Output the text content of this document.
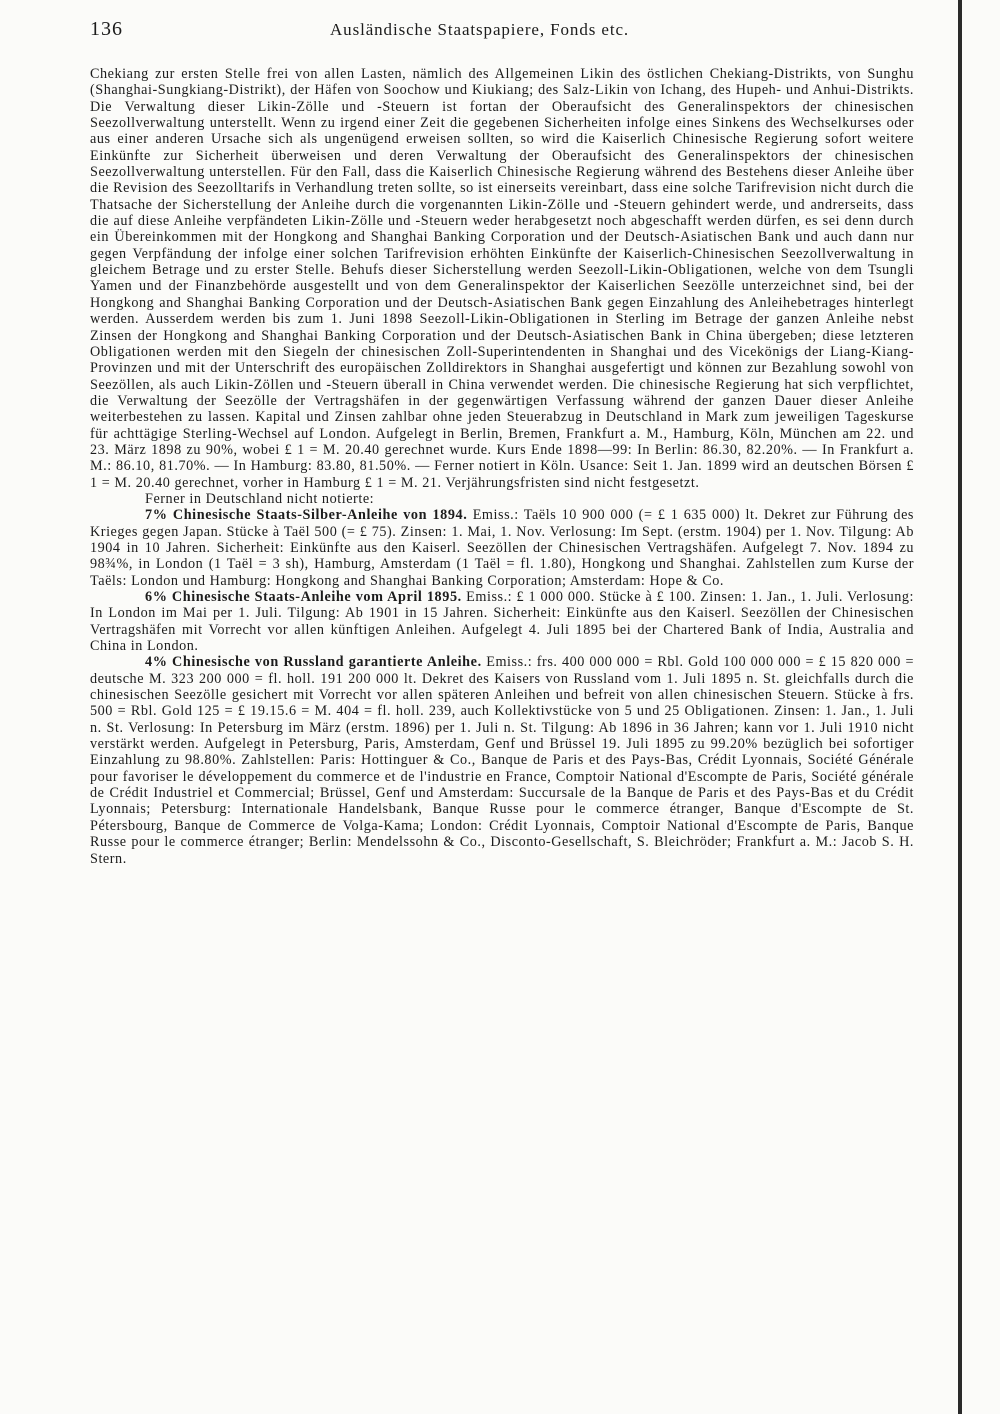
136	Ausländische Staatspapiere, Fonds etc.

Chekiang zur ersten Stelle frei von allen Lasten, nämlich des Allgemeinen Likin des östlichen Chekiang-Distrikts, von Sunghu (Shanghai-Sungkiang-Distrikt), der Häfen von Soochow und Kiukiang; des Salz-Likin von Ichang, des Hupeh- und Anhui-Distrikts. Die Verwaltung dieser Likin-Zölle und -Steuern ist fortan der Oberaufsicht des Generalinspektors der chinesischen Seezollverwaltung unterstellt. Wenn zu irgend einer Zeit die gegebenen Sicherheiten infolge eines Sinkens des Wechselkurses oder aus einer anderen Ursache sich als ungenügend erweisen sollten, so wird die Kaiserlich Chinesische Regierung sofort weitere Einkünfte zur Sicherheit überweisen und deren Verwaltung der Oberaufsicht des Generalinspektors der chinesischen Seezollverwaltung unterstellen. Für den Fall, dass die Kaiserlich Chinesische Regierung während des Bestehens dieser Anleihe über die Revision des Seezolltarifs in Verhandlung treten sollte, so ist einerseits vereinbart, dass eine solche Tarifrevision nicht durch die Thatsache der Sicherstellung der Anleihe durch die vorgenannten Likin-Zölle und -Steuern gehindert werde, und andrerseits, dass die auf diese Anleihe verpfändeten Likin-Zölle und -Steuern weder herabgesetzt noch abgeschafft werden dürfen, es sei denn durch ein Übereinkommen mit der Hongkong and Shanghai Banking Corporation und der Deutsch-Asiatischen Bank und auch dann nur gegen Verpfändung der infolge einer solchen Tarifrevision erhöhten Einkünfte der Kaiserlich-Chinesischen Seezollverwaltung in gleichem Betrage und zu erster Stelle. Behufs dieser Sicherstellung werden Seezoll-Likin-Obligationen, welche von dem Tsungli Yamen und der Finanzbehörde ausgestellt und von dem Generalinspektor der Kaiserlichen Seezölle unterzeichnet sind, bei der Hongkong and Shanghai Banking Corporation und der Deutsch-Asiatischen Bank gegen Einzahlung des Anleihebetrages hinterlegt werden. Ausserdem werden bis zum 1. Juni 1898 Seezoll-Likin-Obligationen in Sterling im Betrage der ganzen Anleihe nebst Zinsen der Hongkong and Shanghai Banking Corporation und der Deutsch-Asiatischen Bank in China übergeben; diese letzteren Obligationen werden mit den Siegeln der chinesischen Zoll-Superintendenten in Shanghai und des Vicekönigs der Liang-Kiang-Provinzen und mit der Unterschrift des europäischen Zolldirektors in Shanghai ausgefertigt und können zur Bezahlung sowohl von Seezöllen, als auch Likin-Zöllen und -Steuern überall in China verwendet werden. Die chinesische Regierung hat sich verpflichtet, die Verwaltung der Seezölle der Vertragshäfen in der gegenwärtigen Verfassung während der ganzen Dauer dieser Anleihe weiterbestehen zu lassen. Kapital und Zinsen zahlbar ohne jeden Steuerabzug in Deutschland in Mark zum jeweiligen Tageskurse für achttägige Sterling-Wechsel auf London. Aufgelegt in Berlin, Bremen, Frankfurt a. M., Hamburg, Köln, München am 22. und 23. März 1898 zu 90%, wobei £ 1 = M. 20.40 gerechnet wurde. Kurs Ende 1898—99: In Berlin: 86.30, 82.20%. — In Frankfurt a. M.: 86.10, 81.70%. — In Hamburg: 83.80, 81.50%. — Ferner notiert in Köln. Usance: Seit 1. Jan. 1899 wird an deutschen Börsen £ 1 = M. 20.40 gerechnet, vorher in Hamburg £ 1 = M. 21. Verjährungsfristen sind nicht festgesetzt.

Ferner in Deutschland nicht notierte:

7% Chinesische Staats-Silber-Anleihe von 1894. Emiss.: Taëls 10 900 000 (= £ 1 635 000) lt. Dekret zur Führung des Krieges gegen Japan. Stücke à Taël 500 (= £ 75). Zinsen: 1. Mai, 1. Nov. Verlosung: Im Sept. (erstm. 1904) per 1. Nov. Tilgung: Ab 1904 in 10 Jahren. Sicherheit: Einkünfte aus den Kaiserl. Seezöllen der Chinesischen Vertragshäfen. Aufgelegt 7. Nov. 1894 zu 98¾%, in London (1 Taël = 3 sh), Hamburg, Amsterdam (1 Taël = fl. 1.80), Hongkong und Shanghai. Zahlstellen zum Kurse der Taëls: London und Hamburg: Hongkong and Shanghai Banking Corporation; Amsterdam: Hope & Co.

6% Chinesische Staats-Anleihe vom April 1895. Emiss.: £ 1 000 000. Stücke à £ 100. Zinsen: 1. Jan., 1. Juli. Verlosung: In London im Mai per 1. Juli. Tilgung: Ab 1901 in 15 Jahren. Sicherheit: Einkünfte aus den Kaiserl. Seezöllen der Chinesischen Vertragshäfen mit Vorrecht vor allen künftigen Anleihen. Aufgelegt 4. Juli 1895 bei der Chartered Bank of India, Australia and China in London.

4% Chinesische von Russland garantierte Anleihe. Emiss.: frs. 400 000 000 = Rbl. Gold 100 000 000 = £ 15 820 000 = deutsche M. 323 200 000 = fl. holl. 191 200 000 lt. Dekret des Kaisers von Russland vom 1. Juli 1895 n. St. gleichfalls durch die chinesischen Seezölle gesichert mit Vorrecht vor allen späteren Anleihen und befreit von allen chinesischen Steuern. Stücke à frs. 500 = Rbl. Gold 125 = £ 19.15.6 = M. 404 = fl. holl. 239, auch Kollektivstücke von 5 und 25 Obligationen. Zinsen: 1. Jan., 1. Juli n. St. Verlosung: In Petersburg im März (erstm. 1896) per 1. Juli n. St. Tilgung: Ab 1896 in 36 Jahren; kann vor 1. Juli 1910 nicht verstärkt werden. Aufgelegt in Petersburg, Paris, Amsterdam, Genf und Brüssel 19. Juli 1895 zu 99.20% bezüglich bei sofortiger Einzahlung zu 98.80%. Zahlstellen: Paris: Hottinguer & Co., Banque de Paris et des Pays-Bas, Crédit Lyonnais, Société Générale pour favoriser le développement du commerce et de l'industrie en France, Comptoir National d'Escompte de Paris, Société générale de Crédit Industriel et Commercial; Brüssel, Genf und Amsterdam: Succursale de la Banque de Paris et des Pays-Bas et du Crédit Lyonnais; Petersburg: Internationale Handelsbank, Banque Russe pour le commerce étranger, Banque d'Escompte de St. Pétersbourg, Banque de Commerce de Volga-Kama; London: Crédit Lyonnais, Comptoir National d'Escompte de Paris, Banque Russe pour le commerce étranger; Berlin: Mendelssohn & Co., Disconto-Gesellschaft, S. Bleichröder; Frankfurt a. M.: Jacob S. H. Stern.
